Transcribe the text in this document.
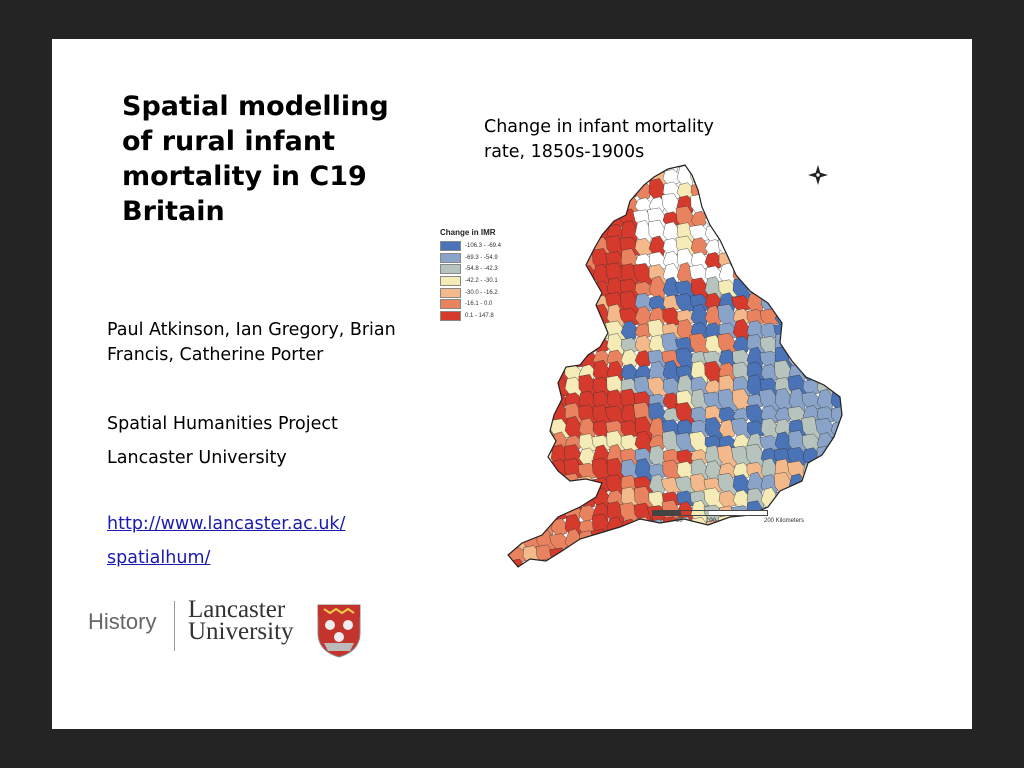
Spatial modelling
of rural infant
mortality in C19
Britain

Paul Atkinson, Ian Gregory, Brian
Francis, Catherine Porter

Spatial Humanities Project

Lancaster University

http://www.lancaster.ac.uk/
spatialhum/
History Lancaster
University

Change in infant mortality
rate, 1850s-1900s

Change in IMR
-106.3 - -69.4
-69.3 - -54.9
-54.8 - -42.3
-42.2 - -30.1
-30.0 - -16.2
-16.1 - 0.0
0.1 - 147.8
0	50	100	200 Kilometers
